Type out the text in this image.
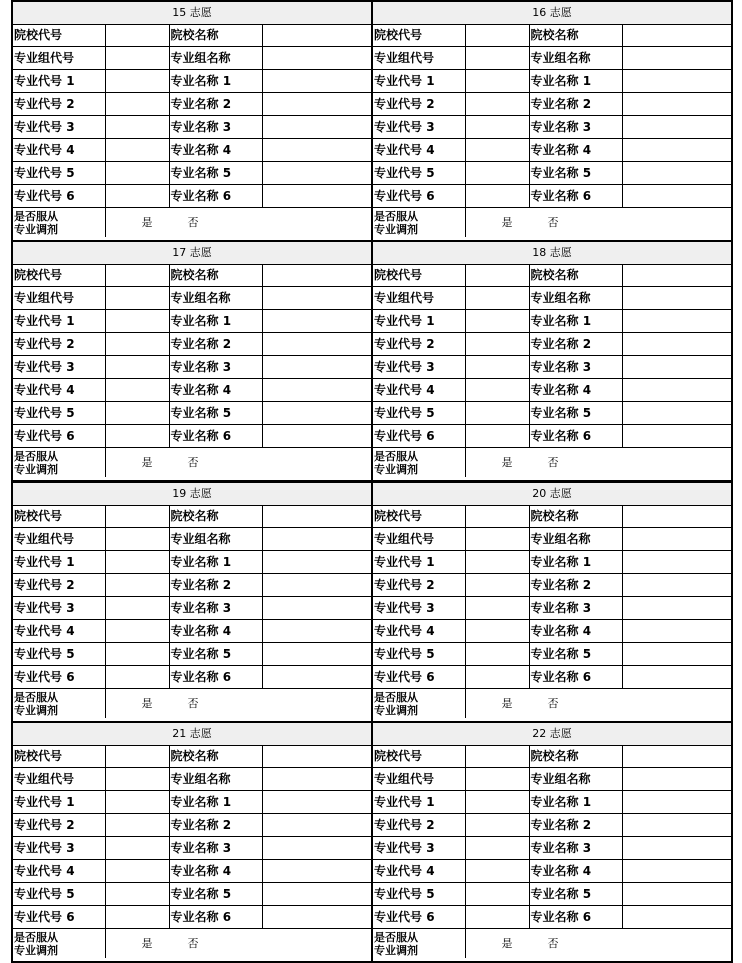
15 志愿
院校代号		院校名称	
专业组代号		专业组名称	
专业代号 1		专业名称 1	
专业代号 2		专业名称 2	
专业代号 3		专业名称 3	
专业代号 4		专业名称 4	
专业代号 5		专业名称 5	
专业代号 6		专业名称 6	

是否服从
专业调剂	是 否		
16 志愿
院校代号		院校名称	
专业组代号		专业组名称	
专业代号 1		专业名称 1	
专业代号 2		专业名称 2	
专业代号 3		专业名称 3	
专业代号 4		专业名称 4	
专业代号 5		专业名称 5	
专业代号 6		专业名称 6	

是否服从
专业调剂	是 否		
17 志愿
院校代号		院校名称	
专业组代号		专业组名称	
专业代号 1		专业名称 1	
专业代号 2		专业名称 2	
专业代号 3		专业名称 3	
专业代号 4		专业名称 4	
专业代号 5		专业名称 5	
专业代号 6		专业名称 6	

是否服从
专业调剂	是 否		
18 志愿
院校代号		院校名称	
专业组代号		专业组名称	
专业代号 1		专业名称 1	
专业代号 2		专业名称 2	
专业代号 3		专业名称 3	
专业代号 4		专业名称 4	
专业代号 5		专业名称 5	
专业代号 6		专业名称 6	

是否服从
专业调剂	是 否		
19 志愿
院校代号		院校名称	
专业组代号		专业组名称	
专业代号 1		专业名称 1	
专业代号 2		专业名称 2	
专业代号 3		专业名称 3	
专业代号 4		专业名称 4	
专业代号 5		专业名称 5	
专业代号 6		专业名称 6	

是否服从
专业调剂	是 否		
20 志愿
院校代号		院校名称	
专业组代号		专业组名称	
专业代号 1		专业名称 1	
专业代号 2		专业名称 2	
专业代号 3		专业名称 3	
专业代号 4		专业名称 4	
专业代号 5		专业名称 5	
专业代号 6		专业名称 6	

是否服从
专业调剂	是 否		
21 志愿
院校代号		院校名称	
专业组代号		专业组名称	
专业代号 1		专业名称 1	
专业代号 2		专业名称 2	
专业代号 3		专业名称 3	
专业代号 4		专业名称 4	
专业代号 5		专业名称 5	
专业代号 6		专业名称 6	

是否服从
专业调剂	是 否		
22 志愿
院校代号		院校名称	
专业组代号		专业组名称	
专业代号 1		专业名称 1	
专业代号 2		专业名称 2	
专业代号 3		专业名称 3	
专业代号 4		专业名称 4	
专业代号 5		专业名称 5	
专业代号 6		专业名称 6	

是否服从
专业调剂	是 否		
